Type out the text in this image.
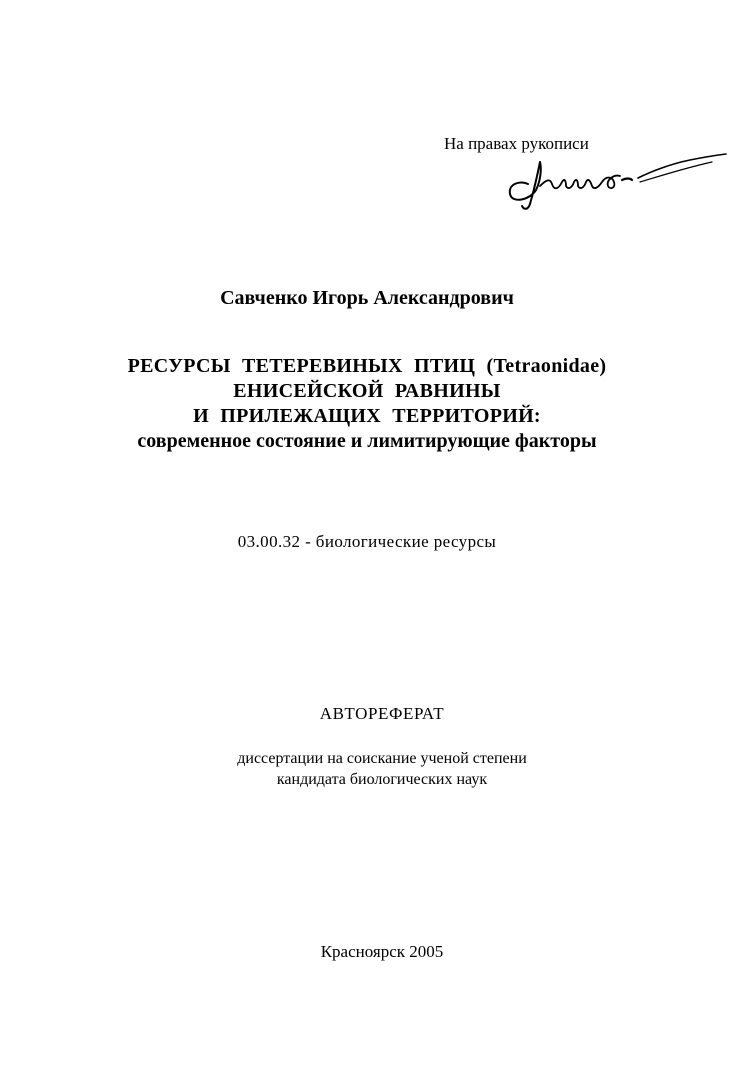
На правах рукописи
Савченко Игорь Александрович
РЕСУРСЫ ТЕТЕРЕВИНЫХ ПТИЦ (Tetraonidae)
ЕНИСЕЙСКОЙ РАВНИНЫ
И ПРИЛЕЖАЩИХ ТЕРРИТОРИЙ:
современное состояние и лимитирующие факторы
03.00.32 - биологические ресурсы
АВТОРЕФЕРАТ
диссертации на соискание ученой степени
кандидата биологических наук
Красноярск 2005
